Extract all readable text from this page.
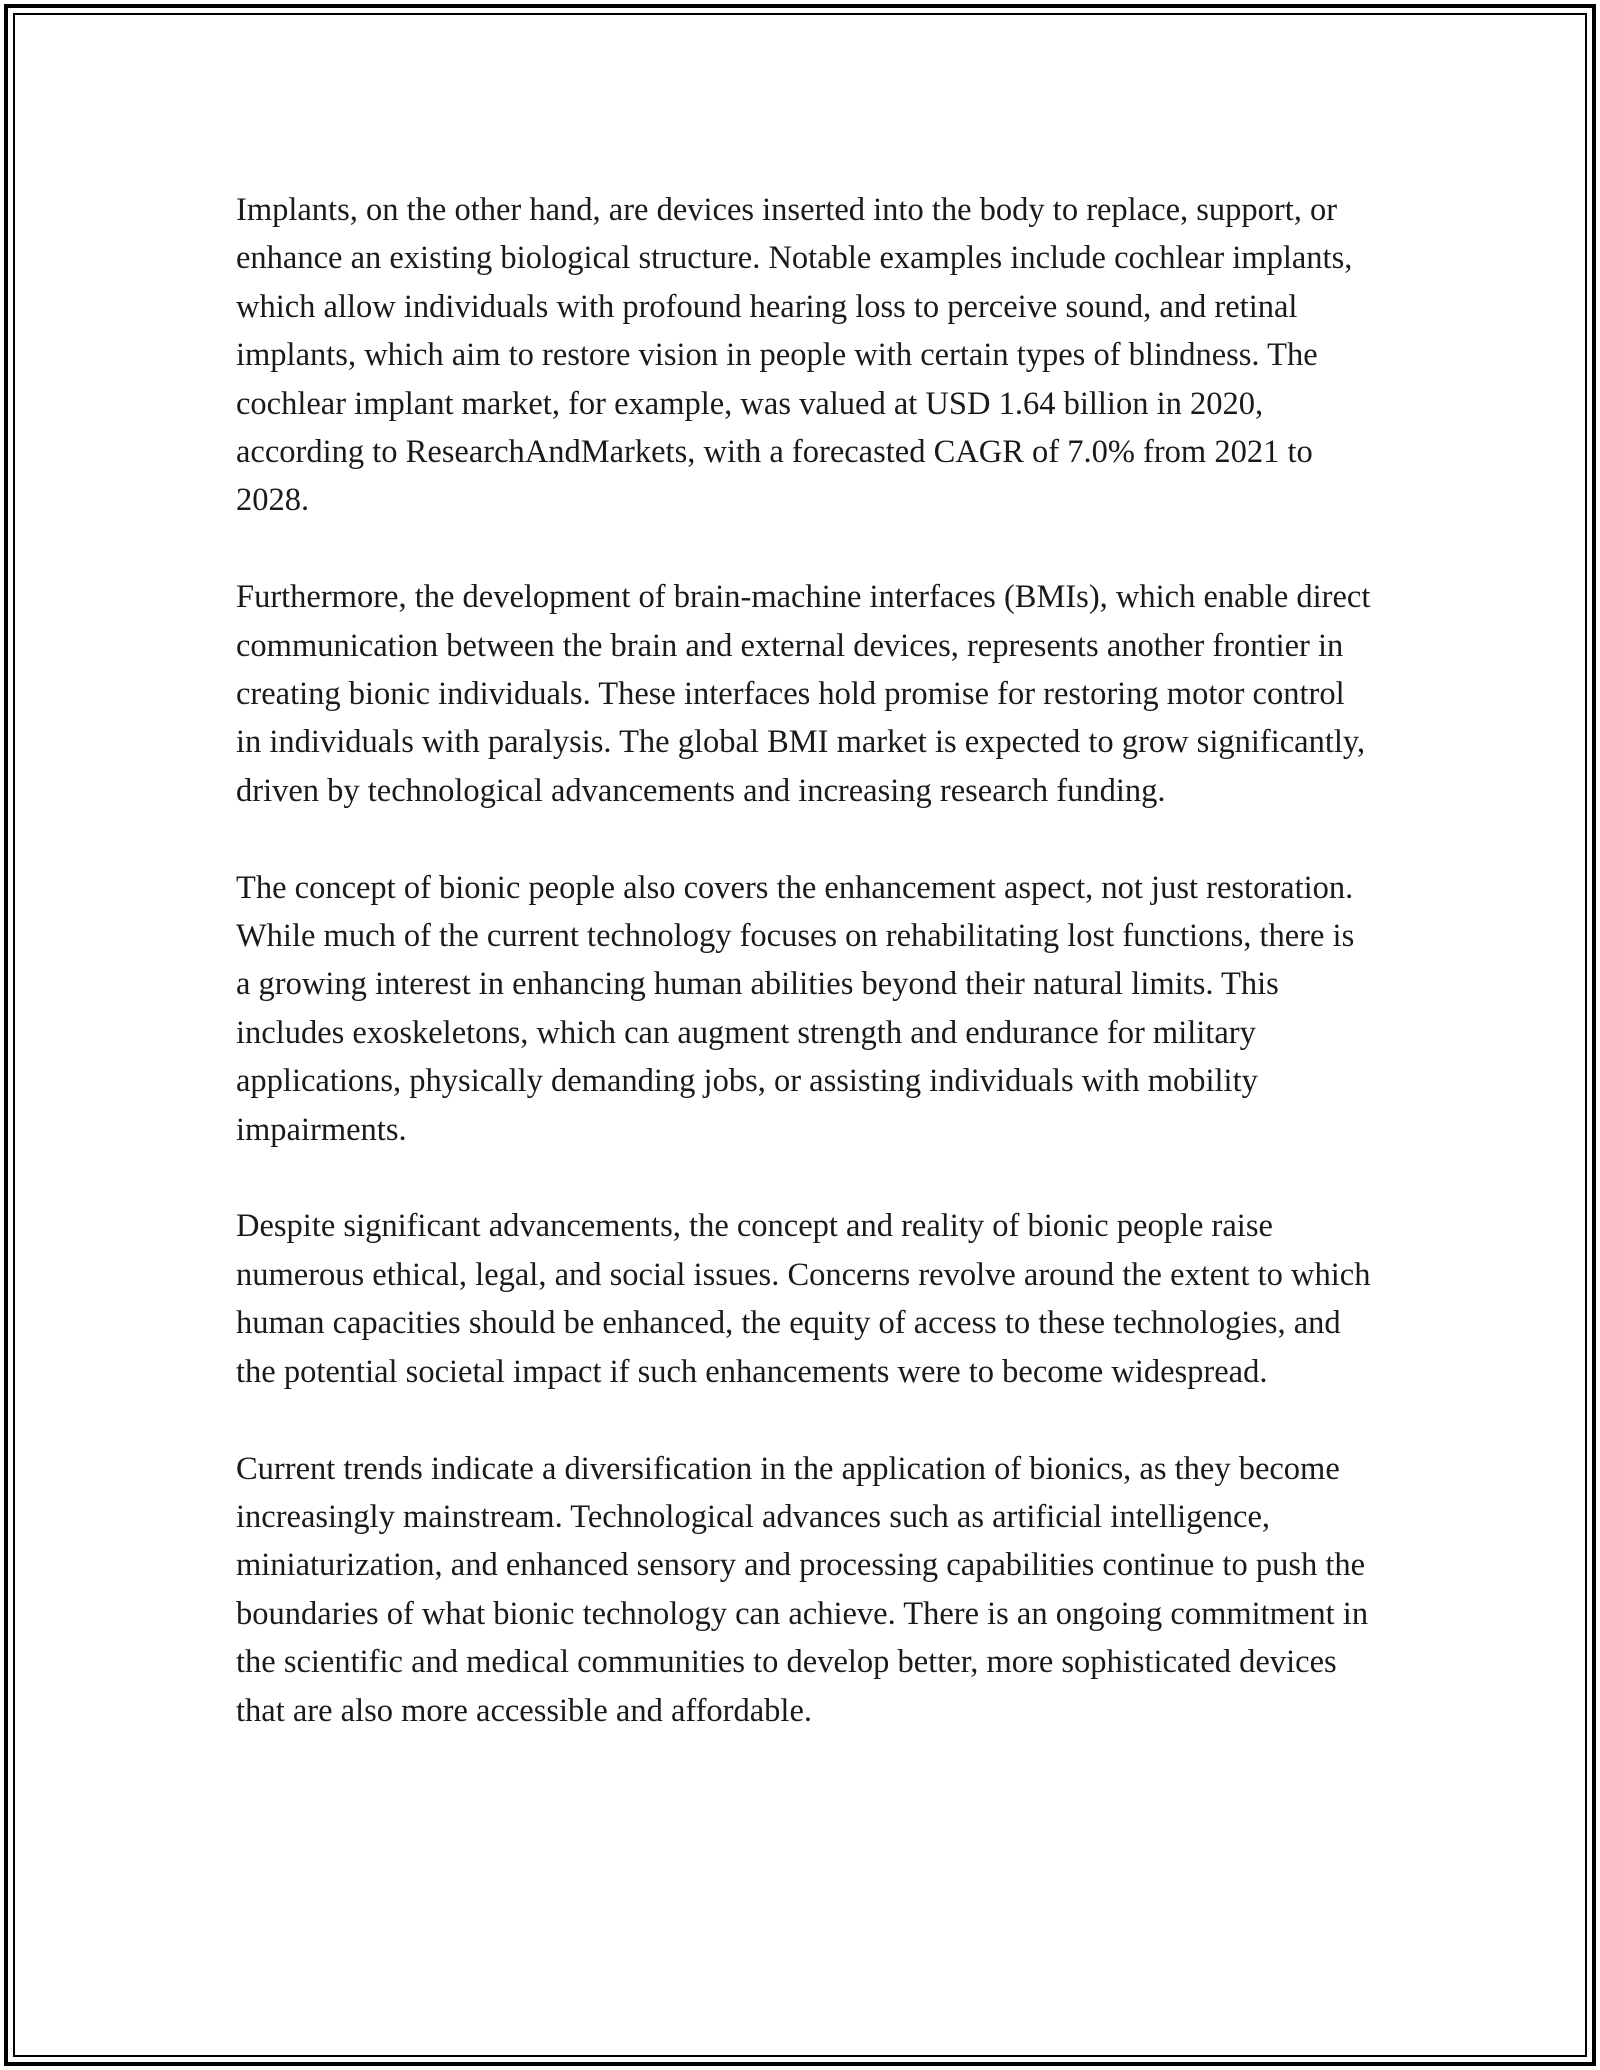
Implants, on the other hand, are devices inserted into the body to replace, support, or enhance an existing biological structure. Notable examples include cochlear implants, which allow individuals with profound hearing loss to perceive sound, and retinal implants, which aim to restore vision in people with certain types of blindness. The cochlear implant market, for example, was valued at USD 1.64 billion in 2020, according to ResearchAndMarkets, with a forecasted CAGR of 7.0% from 2021 to 2028.

Furthermore, the development of brain-machine interfaces (BMIs), which enable direct communication between the brain and external devices, represents another frontier in creating bionic individuals. These interfaces hold promise for restoring motor control in individuals with paralysis. The global BMI market is expected to grow significantly, driven by technological advancements and increasing research funding.

The concept of bionic people also covers the enhancement aspect, not just restoration. While much of the current technology focuses on rehabilitating lost functions, there is a growing interest in enhancing human abilities beyond their natural limits. This includes exoskeletons, which can augment strength and endurance for military applications, physically demanding jobs, or assisting individuals with mobility impairments.

Despite significant advancements, the concept and reality of bionic people raise numerous ethical, legal, and social issues. Concerns revolve around the extent to which human capacities should be enhanced, the equity of access to these technologies, and the potential societal impact if such enhancements were to become widespread.

Current trends indicate a diversification in the application of bionics, as they become increasingly mainstream. Technological advances such as artificial intelligence, miniaturization, and enhanced sensory and processing capabilities continue to push the boundaries of what bionic technology can achieve. There is an ongoing commitment in the scientific and medical communities to develop better, more sophisticated devices that are also more accessible and affordable.
